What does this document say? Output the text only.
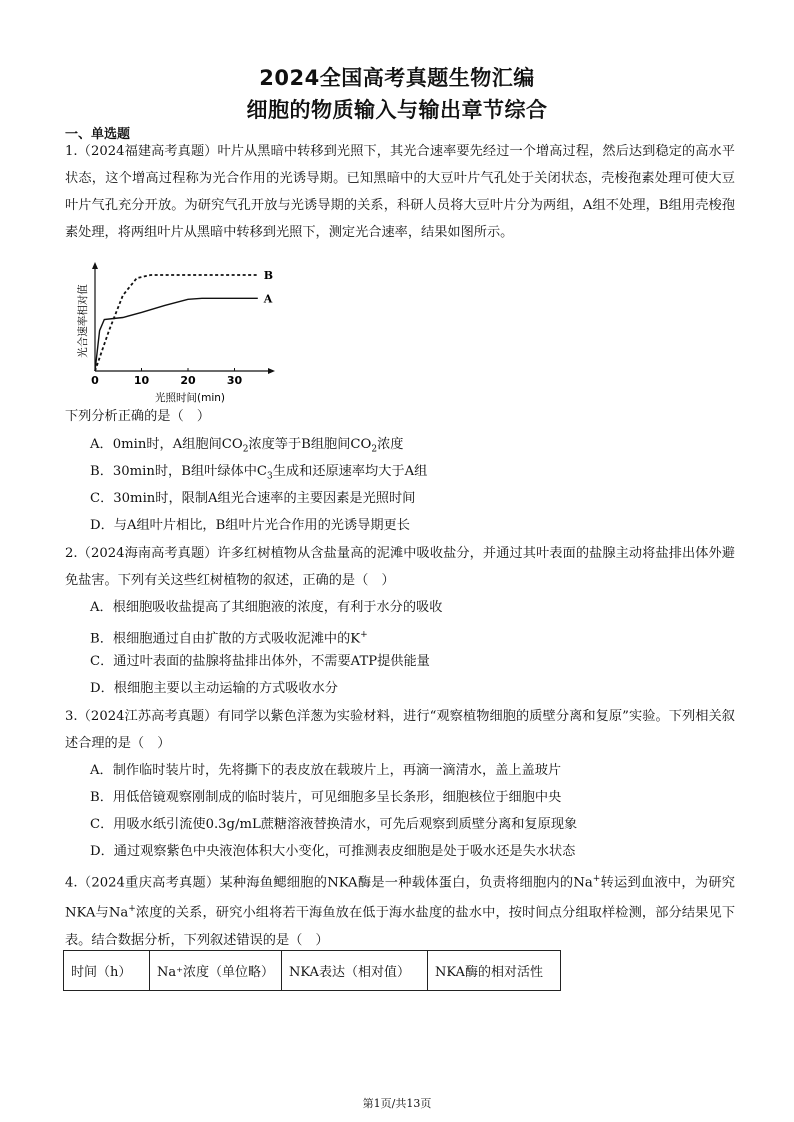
2024全国高考真题生物汇编
细胞的物质输入与输出章节综合
一、单选题
1.（2024福建高考真题）叶片从黑暗中转移到光照下，其光合速率要先经过一个增高过程，然后达到稳定的高水平状态，这个增高过程称为光合作用的光诱导期。已知黑暗中的大豆叶片气孔处于关闭状态，壳梭孢素处理可使大豆叶片气孔充分开放。为研究气孔开放与光诱导期的关系，科研人员将大豆叶片分为两组，A组不处理，B组用壳梭孢素处理，将两组叶片从黑暗中转移到光照下，测定光合速率，结果如图所示。
0	10	20	30
B
A
光合速率相对值
光照时间(min)
下列分析正确的是（　）
A．0min时，A组胞间$CO_2$浓度等于B组胞间$CO_2$浓度
B．30min时，B组叶绿体中$C_3$生成和还原速率均大于A组
C．30min时，限制A组光合速率的主要因素是光照时间
D．与A组叶片相比，B组叶片光合作用的光诱导期更长
2.（2024海南高考真题）许多红树植物从含盐量高的泥滩中吸收盐分，并通过其叶表面的盐腺主动将盐排出体外避免盐害。下列有关这些红树植物的叙述，正确的是（　）
A．根细胞吸收盐提高了其细胞液的浓度，有利于水分的吸收
B．根细胞通过自由扩散的方式吸收泥滩中的K+
C．通过叶表面的盐腺将盐排出体外，不需要ATP提供能量
D．根细胞主要以主动运输的方式吸收水分
3.（2024江苏高考真题）有同学以紫色洋葱为实验材料，进行“观察植物细胞的质壁分离和复原”实验。下列相关叙述合理的是（　）
A．制作临时装片时，先将撕下的表皮放在载玻片上，再滴一滴清水，盖上盖玻片
B．用低倍镜观察刚制成的临时装片，可见细胞多呈长条形，细胞核位于细胞中央
C．用吸水纸引流使0.3g/mL蔗糖溶液替换清水，可先后观察到质壁分离和复原现象
D．通过观察紫色中央液泡体积大小变化，可推测表皮细胞是处于吸水还是失水状态
4.（2024重庆高考真题）某种海鱼鳃细胞的NKA酶是一种载体蛋白，负责将细胞内的Na+转运到血液中，为研究NKA与Na+浓度的关系，研究小组将若干海鱼放在低于海水盐度的盐水中，按时间点分组取样检测，部分结果见下表。结合数据分析，下列叙述错误的是（　）
时间（h）	Na⁺浓度（单位略）	NKA表达（相对值）	NKA酶的相对活性
第1页/共13页
